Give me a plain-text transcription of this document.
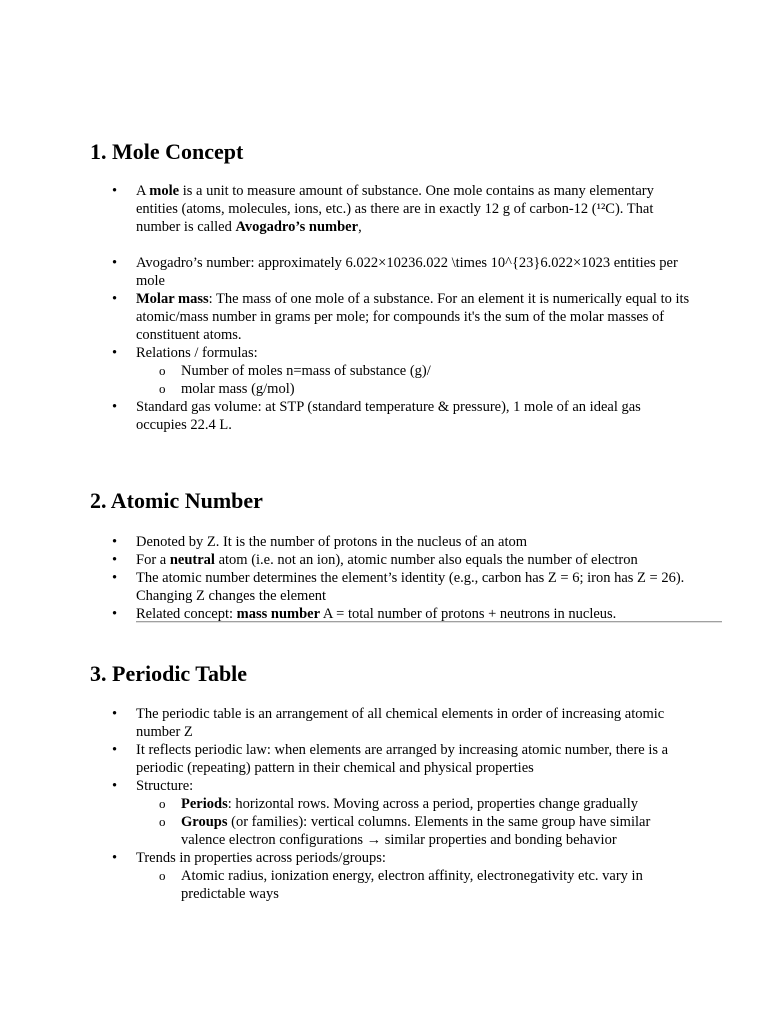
1. Mole Concept
• A mole is a unit to measure amount of substance. One mole contains as many elementary entities (atoms, molecules, ions, etc.) as there are in exactly 12 g of carbon-12 (¹²C). That number is called Avogadro’s number,
• Avogadro’s number: approximately 6.022×10236.022 \times 10^{23}6.022×1023 entities per mole
• Molar mass: The mass of one mole of a substance. For an element it is numerically equal to its atomic/mass number in grams per mole; for compounds it's the sum of the molar masses of constituent atoms.
• Relations / formulas:
o Number of moles n=mass of substance (g)/
o molar mass (g/mol)
• Standard gas volume: at STP (standard temperature & pressure), 1 mole of an ideal gas occupies 22.4 L.
2. Atomic Number
• Denoted by Z. It is the number of protons in the nucleus of an atom
• For a neutral atom (i.e. not an ion), atomic number also equals the number of electron
• The atomic number determines the element’s identity (e.g., carbon has Z = 6; iron has Z = 26). Changing Z changes the element
• Related concept: mass number A = total number of protons + neutrons in nucleus.
3. Periodic Table
• The periodic table is an arrangement of all chemical elements in order of increasing atomic number Z
• It reflects periodic law: when elements are arranged by increasing atomic number, there is a periodic (repeating) pattern in their chemical and physical properties
• Structure:
o Periods: horizontal rows. Moving across a period, properties change gradually
o Groups (or families): vertical columns. Elements in the same group have similar valence electron configurations → similar properties and bonding behavior
• Trends in properties across periods/groups:
o Atomic radius, ionization energy, electron affinity, electronegativity etc. vary in predictable ways
